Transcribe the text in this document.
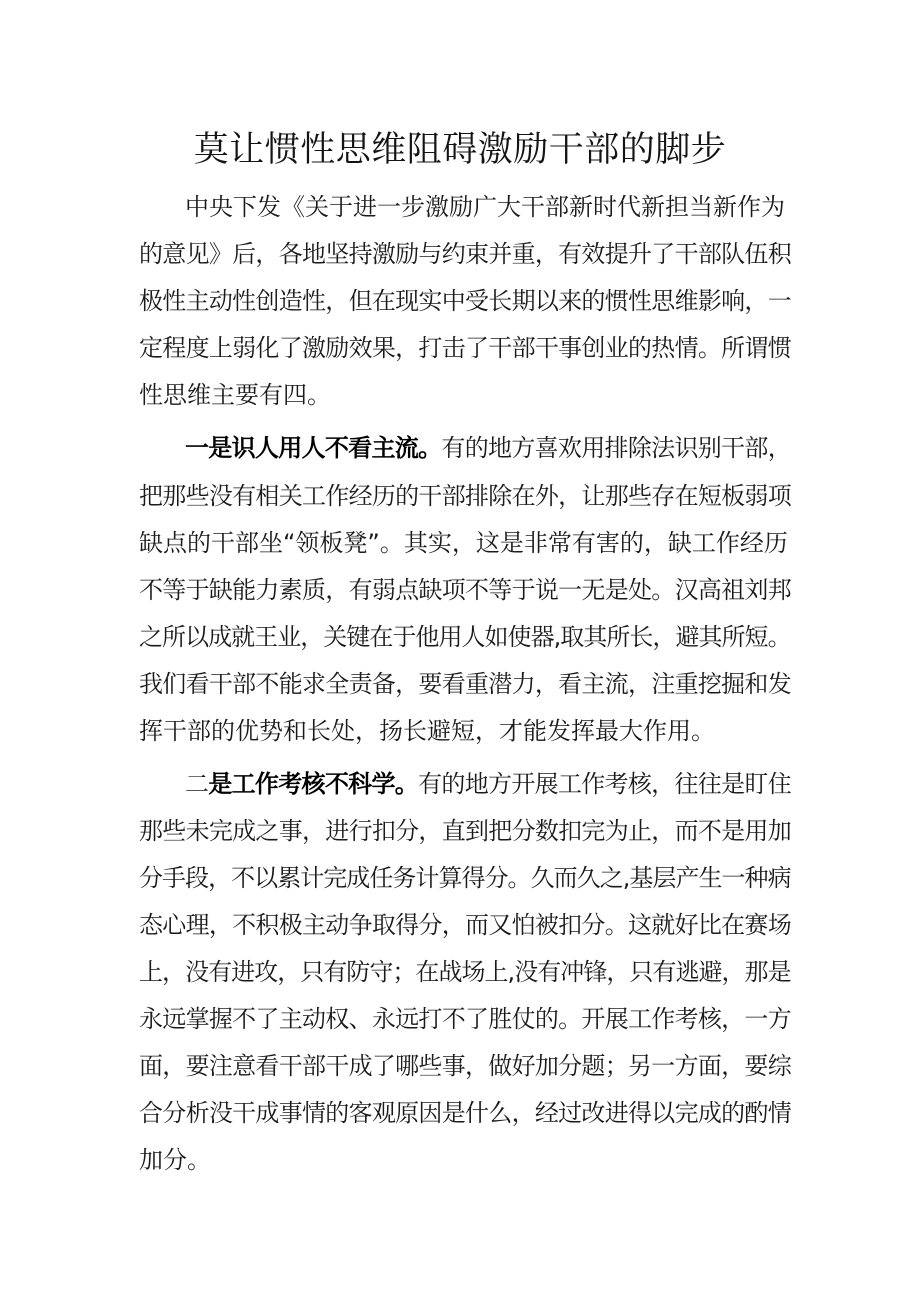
莫让惯性思维阻碍激励干部的脚步

中央下发《关于进一步激励广大干部新时代新担当新作为

的意见》后，各地坚持激励与约束并重，有效提升了干部队伍积

极性主动性创造性，但在现实中受长期以来的惯性思维影响，一

定程度上弱化了激励效果，打击了干部干事创业的热情。所谓惯

性思维主要有四。

一是识人用人不看主流。有的地方喜欢用排除法识别干部，

把那些没有相关工作经历的干部排除在外，让那些存在短板弱项

缺点的干部坐“领板凳”。其实，这是非常有害的，缺工作经历

不等于缺能力素质，有弱点缺项不等于说一无是处。汉高祖刘邦

之所以成就王业，关键在于他用人如使器,取其所长，避其所短。

我们看干部不能求全责备，要看重潜力，看主流，注重挖掘和发

挥干部的优势和长处，扬长避短，才能发挥最大作用。

二是工作考核不科学。有的地方开展工作考核，往往是盯住

那些未完成之事，进行扣分，直到把分数扣完为止，而不是用加

分手段，不以累计完成任务计算得分。久而久之,基层产生一种病

态心理，不积极主动争取得分，而又怕被扣分。这就好比在赛场

上，没有进攻，只有防守；在战场上,没有冲锋，只有逃避，那是

永远掌握不了主动权、永远打不了胜仗的。开展工作考核，一方

面，要注意看干部干成了哪些事，做好加分题；另一方面，要综

合分析没干成事情的客观原因是什么，经过改进得以完成的酌情

加分。
